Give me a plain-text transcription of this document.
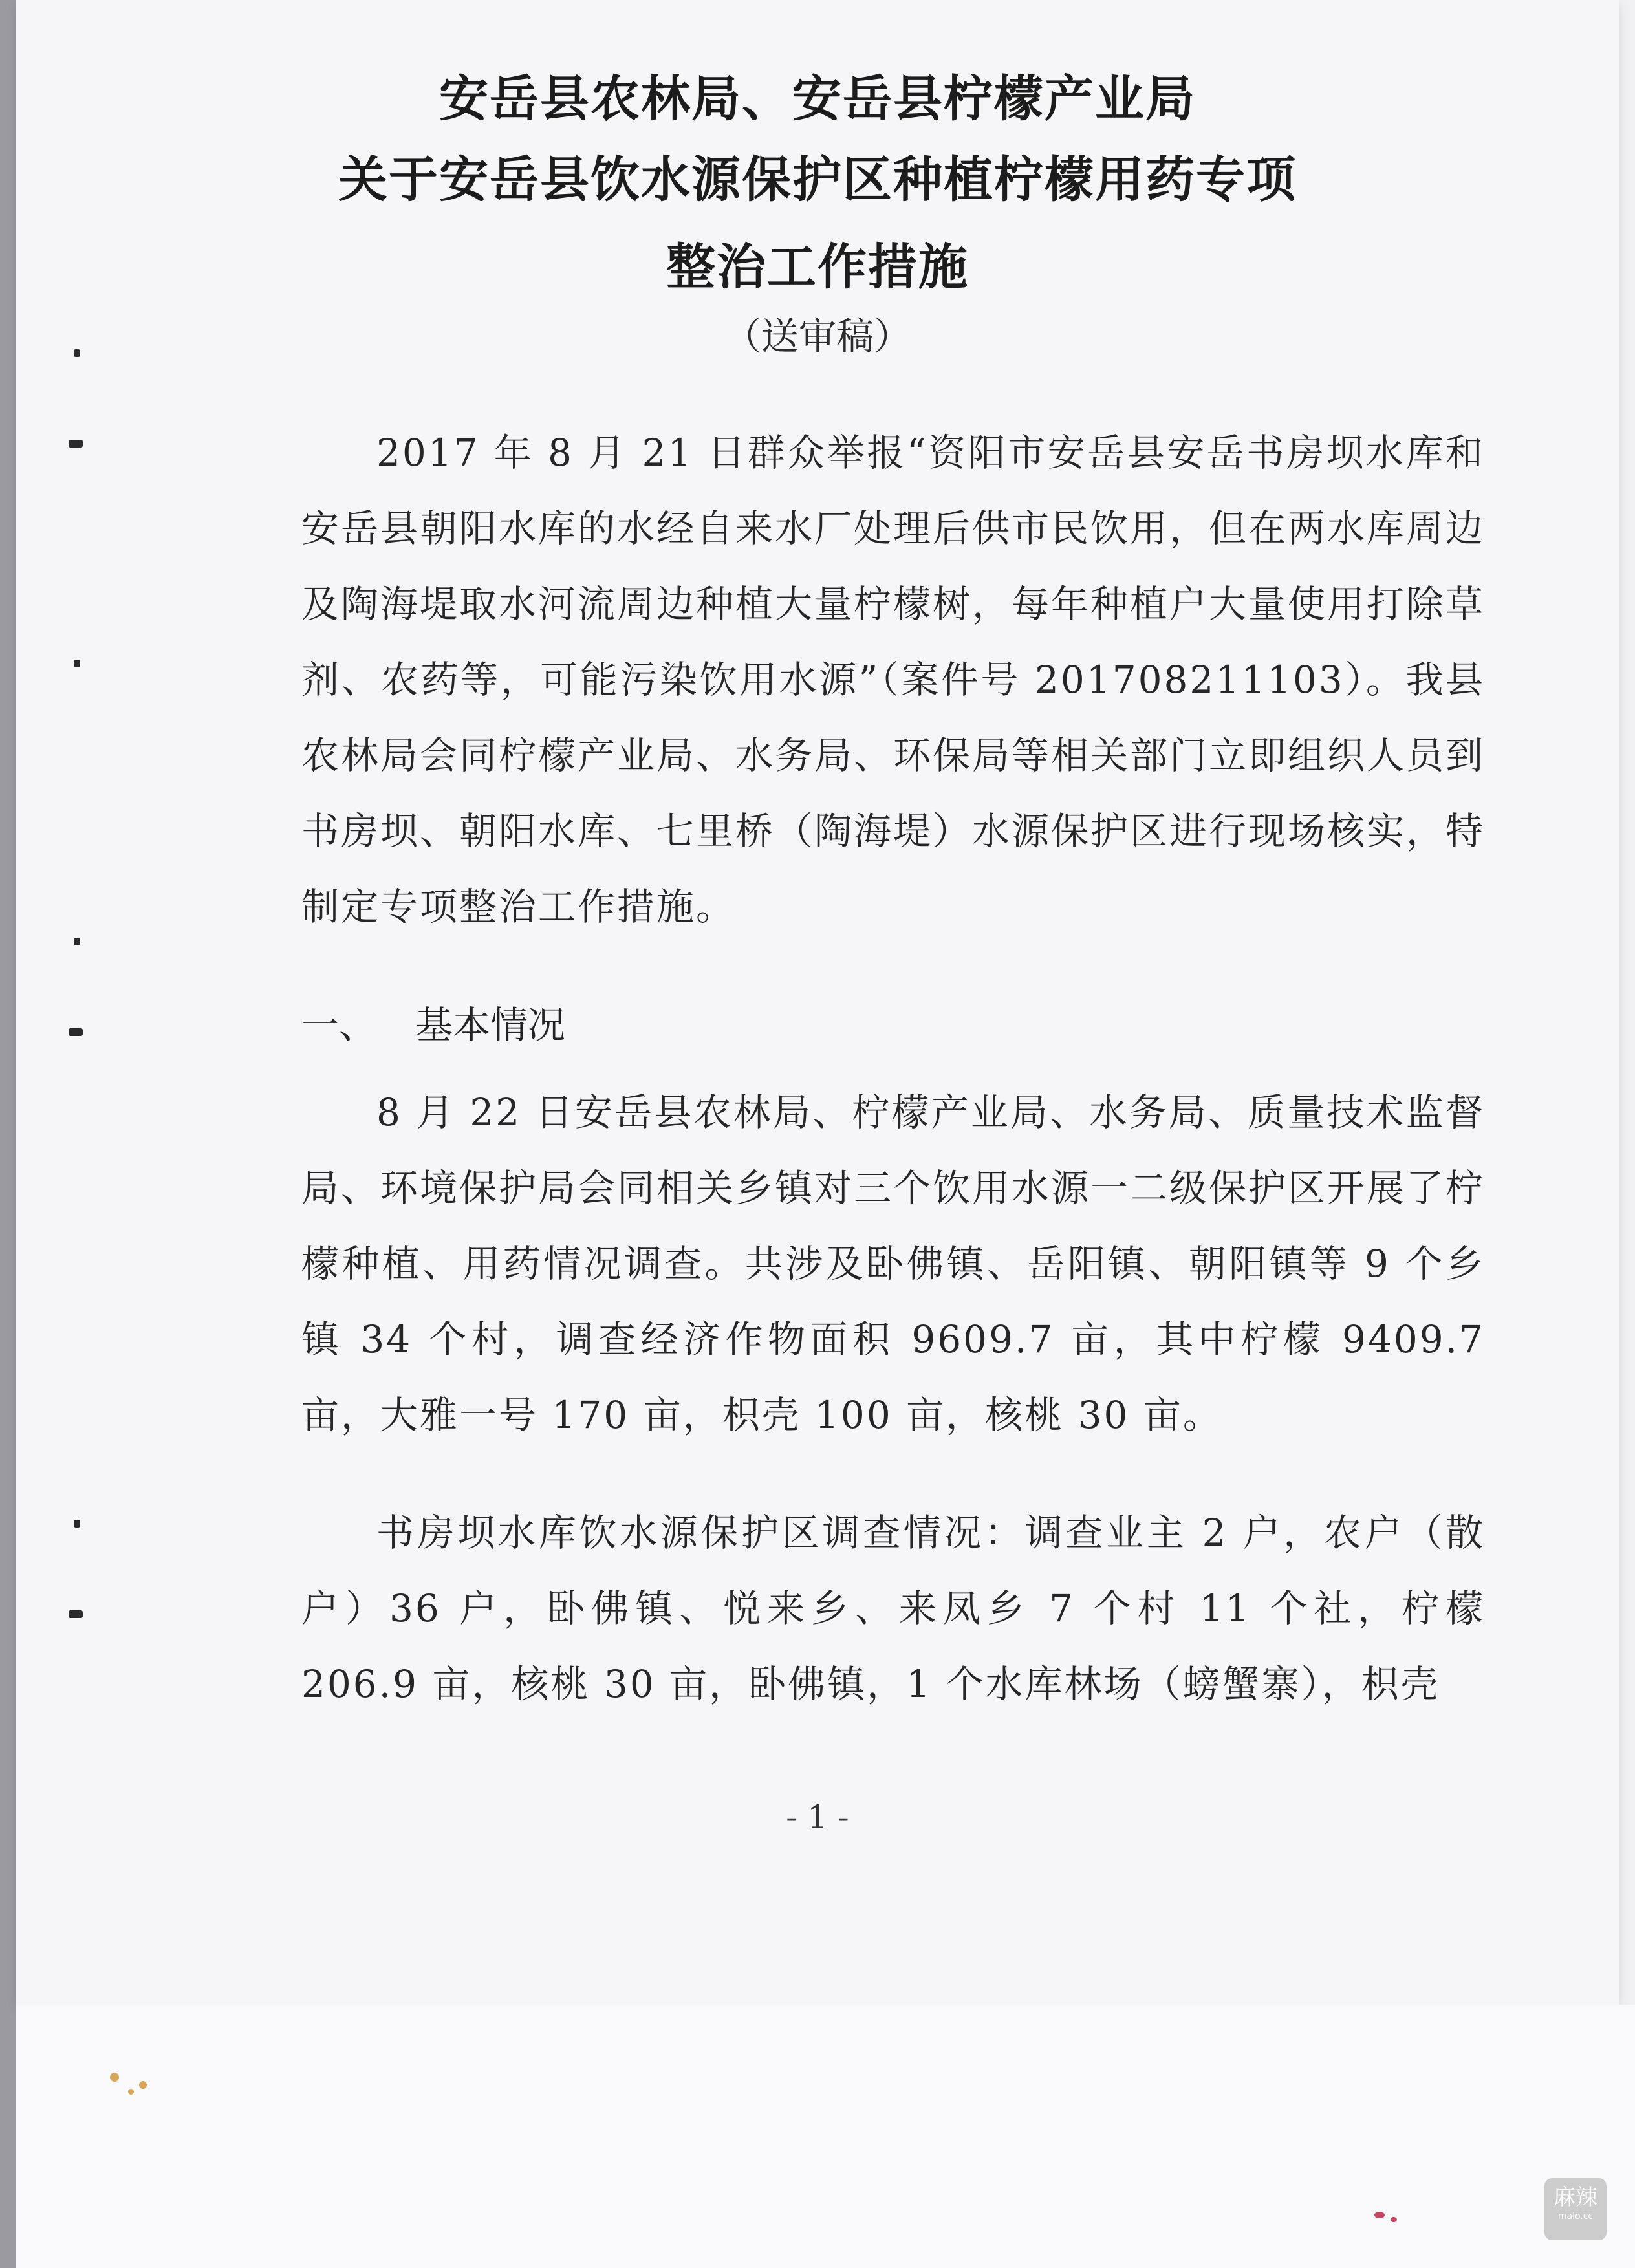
安岳县农林局、安岳县柠檬产业局
关于安岳县饮水源保护区种植柠檬用药专项
整治工作措施
（送审稿）

2017 年 8 月 21 日群众举报“资阳市安岳县安岳书房坝水库和安岳县朝阳水库的水经自来水厂处理后供市民饮用，但在两水库周边及陶海堤取水河流周边种植大量柠檬树，每年种植户大量使用打除草剂、农药等，可能污染饮用水源”（案件号 201708211103）。我县农林局会同柠檬产业局、水务局、环保局等相关部门立即组织人员到书房坝、朝阳水库、七里桥（陶海堤）水源保护区进行现场核实，特制定专项整治工作措施。

一、 基本情况

8 月 22 日安岳县农林局、柠檬产业局、水务局、质量技术监督局、环境保护局会同相关乡镇对三个饮用水源一二级保护区开展了柠檬种植、用药情况调查。共涉及卧佛镇、岳阳镇、朝阳镇等 9 个乡镇 34 个村，调查经济作物面积 9609.7 亩，其中柠檬 9409.7 亩，大雅一号 170 亩，枳壳 100 亩，核桃 30 亩。

书房坝水库饮水源保护区调查情况：调查业主 2 户，农户（散户）36 户，卧佛镇、悦来乡、来凤乡 7 个村 11 个社，柠檬 206.9 亩，核桃 30 亩，卧佛镇，1 个水库林场（螃蟹寨），枳壳

- 1 -
麻辣
malo.cc
